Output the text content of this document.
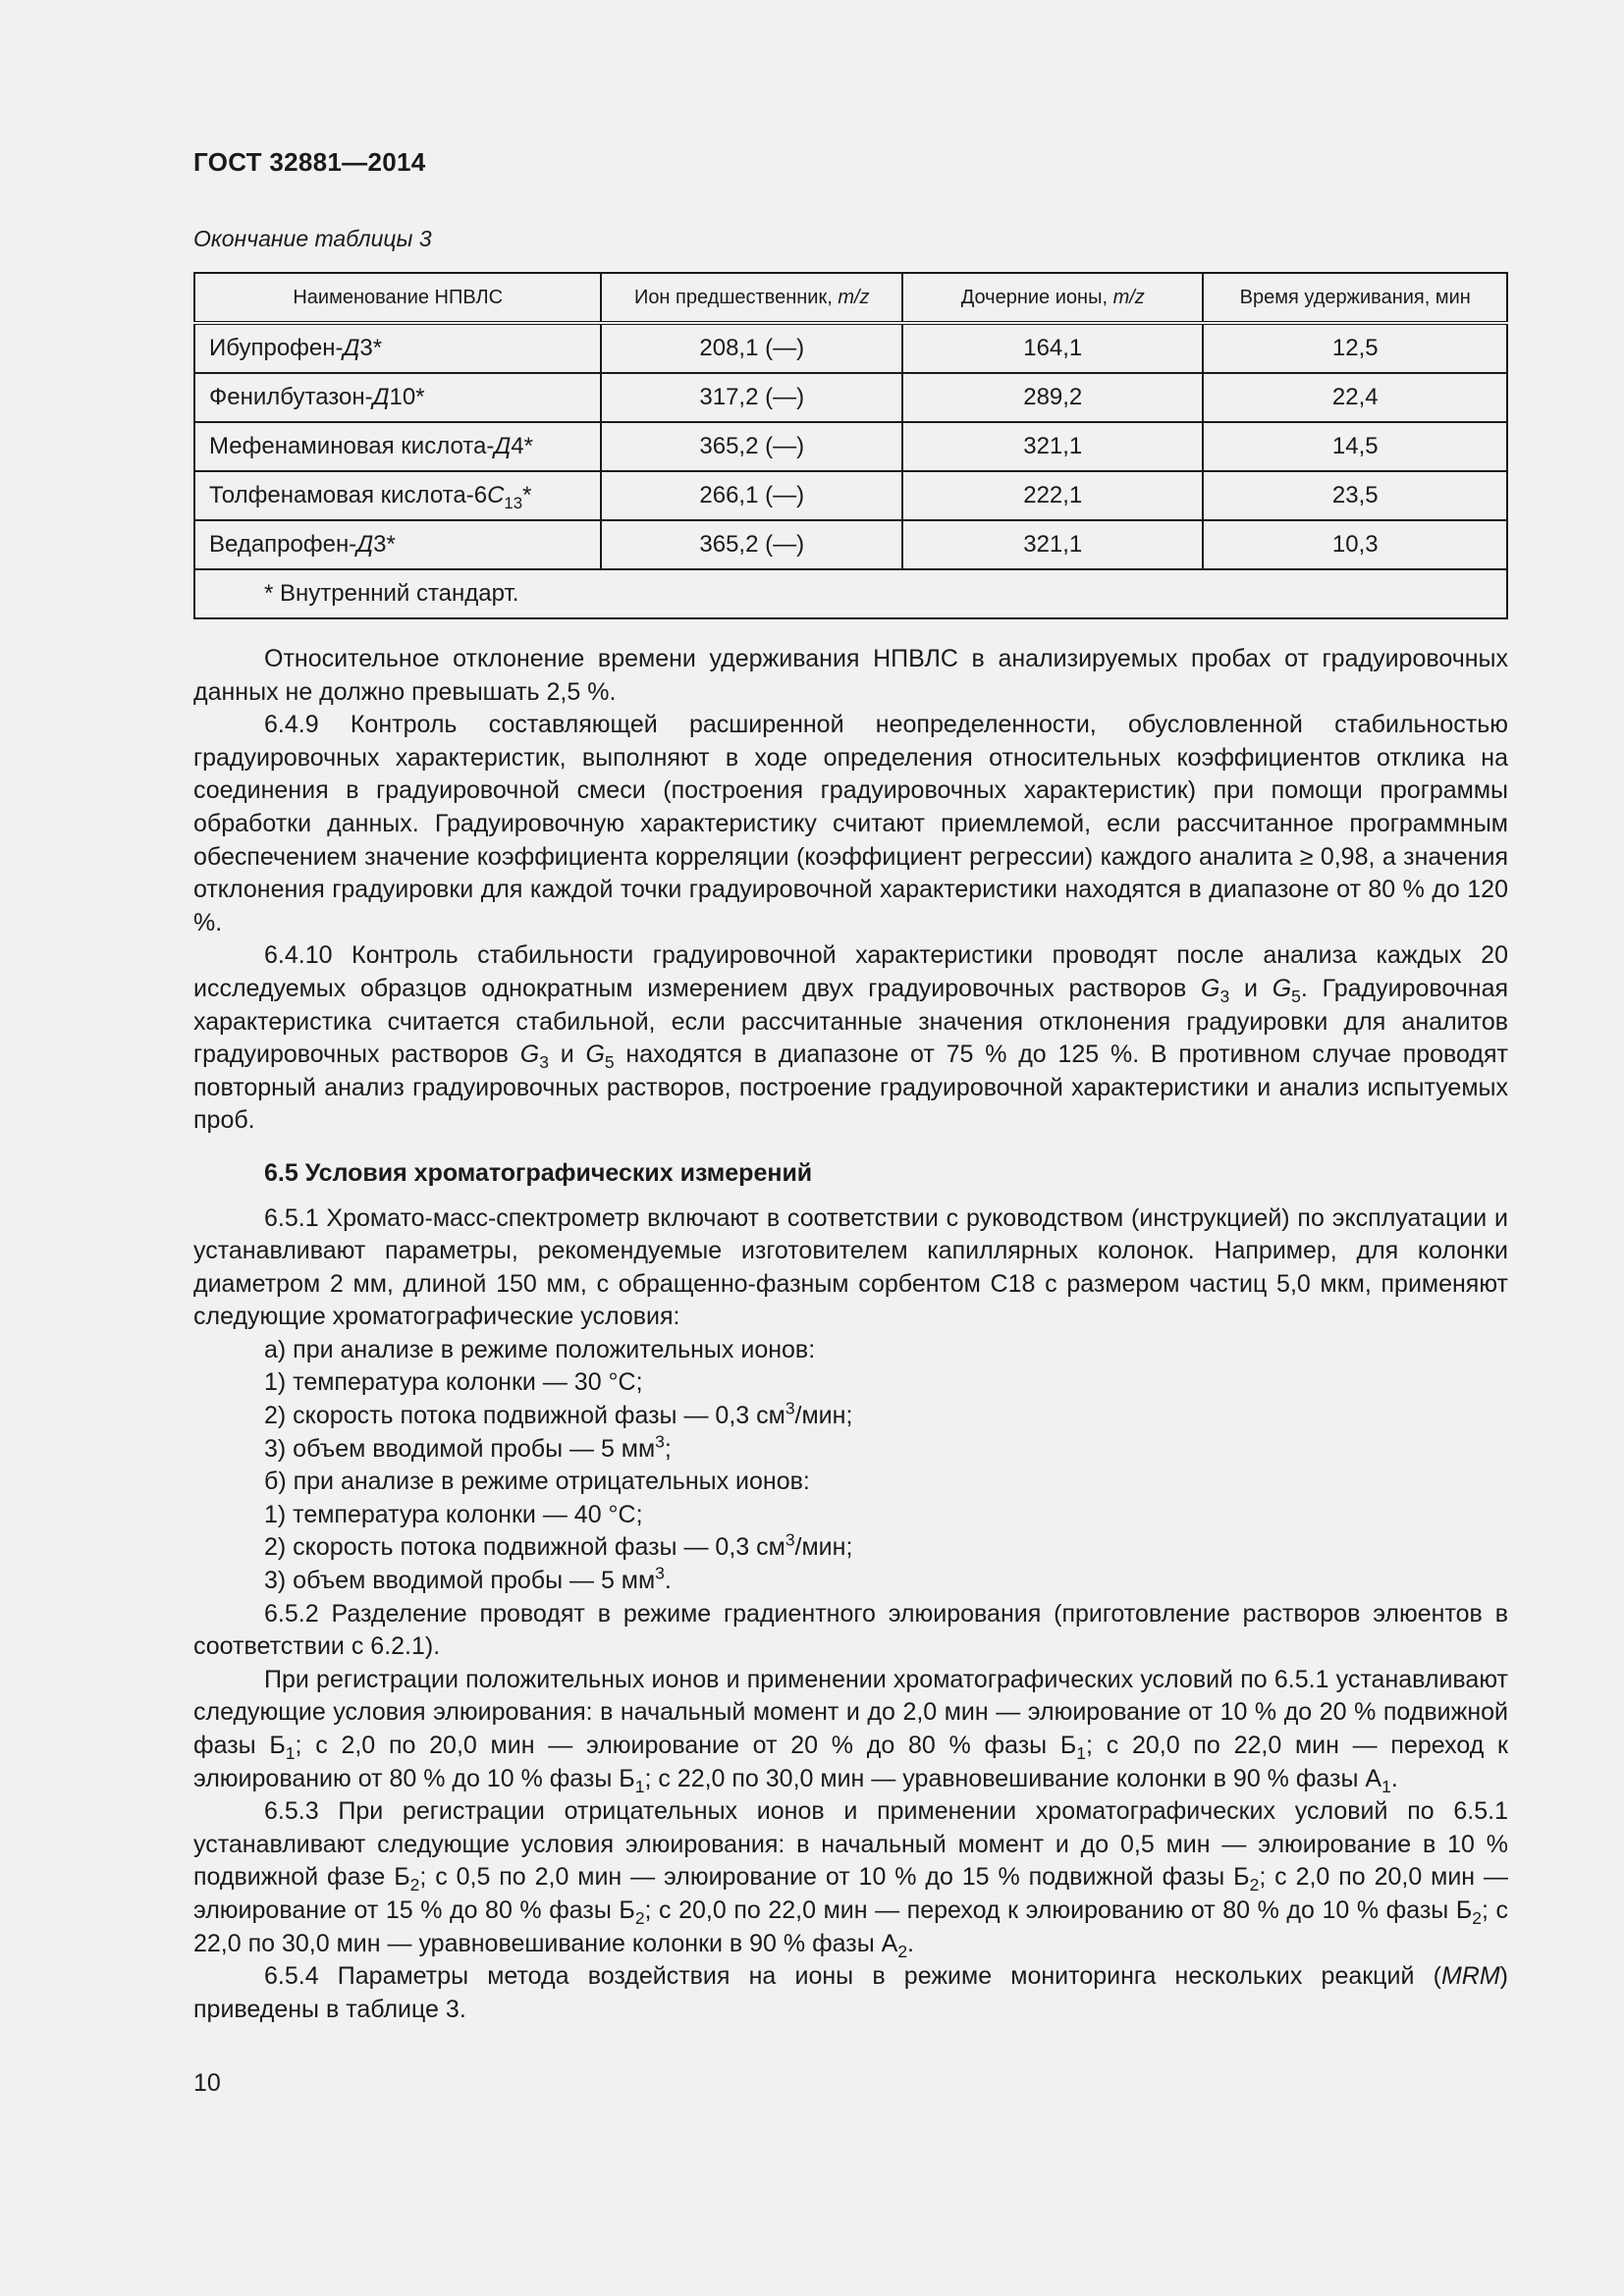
ГОСТ 32881—2014
Окончание таблицы 3
Наименование НПВЛС	Ион предшественник, m/z	Дочерние ионы, m/z	Время удерживания, мин
Ибупрофен-Д3*	208,1 (—)	164,1	12,5
Фенилбутазон-Д10*	317,2 (—)	289,2	22,4
Мефенаминовая кислота-Д4*	365,2 (—)	321,1	14,5
Толфенамовая кислота-$6C_{13}*$	266,1 (—)	222,1	23,5
Ведапрофен-Д3*	365,2 (—)	321,1	10,3
* Внутренний стандарт.			

Относительное отклонение времени удерживания НПВЛС в анализируемых пробах от градуировочных данных не должно превышать 2,5 %.

6.4.9 Контроль составляющей расширенной неопределенности, обусловленной стабильностью градуировочных характеристик, выполняют в ходе определения относительных коэффициентов отклика на соединения в градуировочной смеси (построения градуировочных характеристик) при помощи программы обработки данных. Градуировочную характеристику считают приемлемой, если рассчитанное программным обеспечением значение коэффициента корреляции (коэффициент регрессии) каждого аналита ≥ 0,98, а значения отклонения градуировки для каждой точки градуировочной характеристики находятся в диапазоне от 80 % до 120 %.

6.4.10 Контроль стабильности градуировочной характеристики проводят после анализа каждых 20 исследуемых образцов однократным измерением двух градуировочных растворов $G_3$ и $G_5$. Градуировочная характеристика считается стабильной, если рассчитанные значения отклонения градуировки для аналитов градуировочных растворов $G_3$ и $G_5$ находятся в диапазоне от 75 % до 125 %. В противном случае проводят повторный анализ градуировочных растворов, построение градуировочной характеристики и анализ испытуемых проб.

6.5 Условия хроматографических измерений

6.5.1 Хромато-масс-спектрометр включают в соответствии с руководством (инструкцией) по эксплуатации и устанавливают параметры, рекомендуемые изготовителем капиллярных колонок. Например, для колонки диаметром 2 мм, длиной 150 мм, с обращенно-фазным сорбентом С18 с размером частиц 5,0 мкм, применяют следующие хроматографические условия:

а) при анализе в режиме положительных ионов:

1) температура колонки — 30 °С;

2) скорость потока подвижной фазы — 0,3 $см^3$/мин;

3) объем вводимой пробы — 5 $мм^3$;

б) при анализе в режиме отрицательных ионов:

1) температура колонки — 40 °С;

2) скорость потока подвижной фазы — 0,3 $см^3$/мин;

3) объем вводимой пробы — 5 $мм^3$.

6.5.2 Разделение проводят в режиме градиентного элюирования (приготовление растворов элюентов в соответствии с 6.2.1).

При регистрации положительных ионов и применении хроматографических условий по 6.5.1 устанавливают следующие условия элюирования: в начальный момент и до 2,0 мин — элюирование от 10 % до 20 % подвижной фазы $Б_1$; с 2,0 по 20,0 мин — элюирование от 20 % до 80 % фазы $Б_1$; с 20,0 по 22,0 мин — переход к элюированию от 80 % до 10 % фазы $Б_1$; с 22,0 по 30,0 мин — уравновешивание колонки в 90 % фазы $А_1$.

6.5.3 При регистрации отрицательных ионов и применении хроматографических условий по 6.5.1 устанавливают следующие условия элюирования: в начальный момент и до 0,5 мин — элюирование в 10 % подвижной фазе $Б_2$; с 0,5 по 2,0 мин — элюирование от 10 % до 15 % подвижной фазы $Б_2$; с 2,0 по 20,0 мин — элюирование от 15 % до 80 % фазы $Б_2$; с 20,0 по 22,0 мин — переход к элюированию от 80 % до 10 % фазы $Б_2$; с 22,0 по 30,0 мин — уравновешивание колонки в 90 % фазы $А_2$.

6.5.4 Параметры метода воздействия на ионы в режиме мониторинга нескольких реакций (MRM) приведены в таблице 3.

10
